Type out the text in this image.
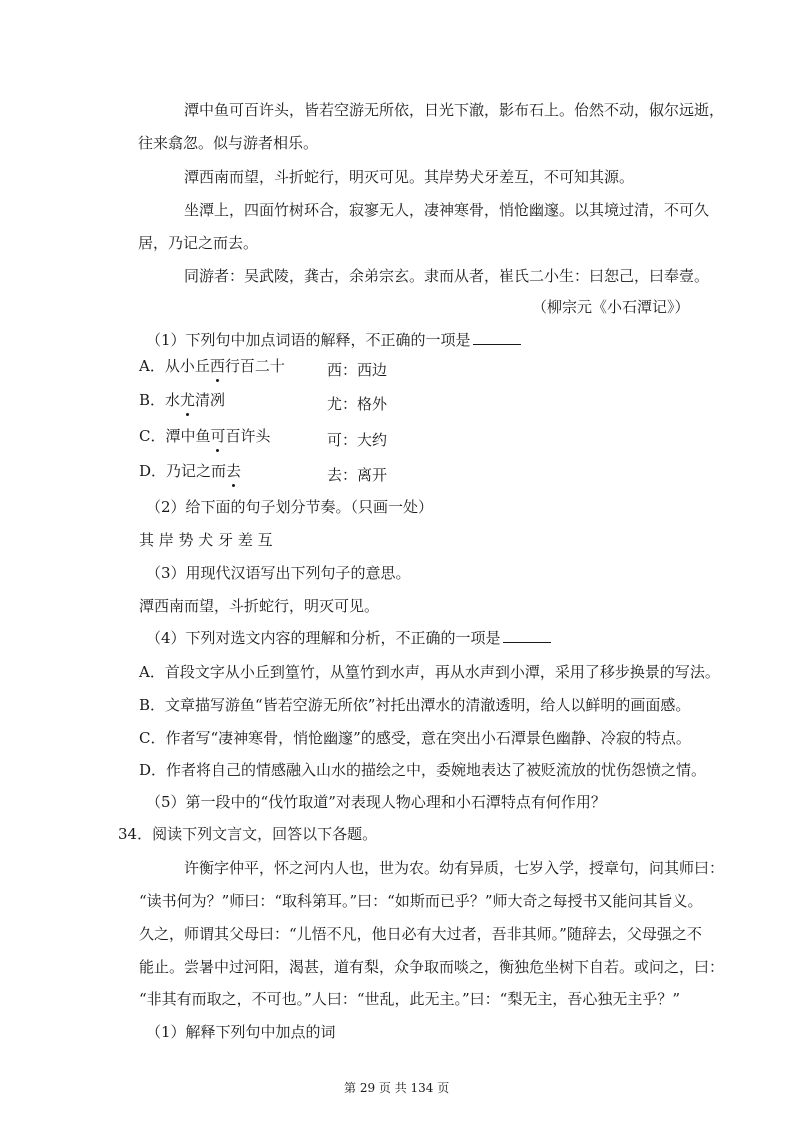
潭中鱼可百许头，皆若空游无所依，日光下澈，影布石上。佁然不动，俶尔远逝，
往来翕忽。似与游者相乐。
潭西南而望，斗折蛇行，明灭可见。其岸势犬牙差互，不可知其源。
坐潭上，四面竹树环合，寂寥无人，凄神寒骨，悄怆幽邃。以其境过清，不可久
居，乃记之而去。
同游者：吴武陵，龚古，余弟宗玄。隶而从者，崔氏二小生：曰恕己，曰奉壹。
（柳宗元《小石潭记》）
（1）下列句中加点词语的解释，不正确的一项是
A．从小丘西行百二十	西：西边
B．水尤清冽	尤：格外
C．潭中鱼可百许头	可：大约
D．乃记之而去	去：离开
（2）给下面的句子划分节奏。（只画一处）
其 岸 势 犬 牙 差 互
（3）用现代汉语写出下列句子的意思。
潭西南而望，斗折蛇行，明灭可见。
（4）下列对选文内容的理解和分析，不正确的一项是
A．首段文字从小丘到篁竹，从篁竹到水声，再从水声到小潭，采用了移步换景的写法。
B．文章描写游鱼“皆若空游无所依”衬托出潭水的清澈透明，给人以鲜明的画面感。
C．作者写“凄神寒骨，悄怆幽邃”的感受，意在突出小石潭景色幽静、冷寂的特点。
D．作者将自己的情感融入山水的描绘之中，委婉地表达了被贬流放的忧伤怨愤之情。
（5）第一段中的“伐竹取道”对表现人物心理和小石潭特点有何作用？
34．阅读下列文言文，回答以下各题。
许衡字仲平，怀之河内人也，世为农。幼有异质，七岁入学，授章句，问其师曰：
“读书何为？”师曰：“取科第耳。”曰：“如斯而已乎？”师大奇之每授书又能问其旨义。
久之，师谓其父母曰：“儿悟不凡，他日必有大过者，吾非其师。”随辞去，父母强之不
能止。尝暑中过河阳，渴甚，道有梨，众争取而啖之，衡独危坐树下自若。或问之，曰：
“非其有而取之，不可也。”人曰：“世乱，此无主。”曰：“梨无主，吾心独无主乎？”
（1）解释下列句中加点的词
第 29 页 共 134 页
